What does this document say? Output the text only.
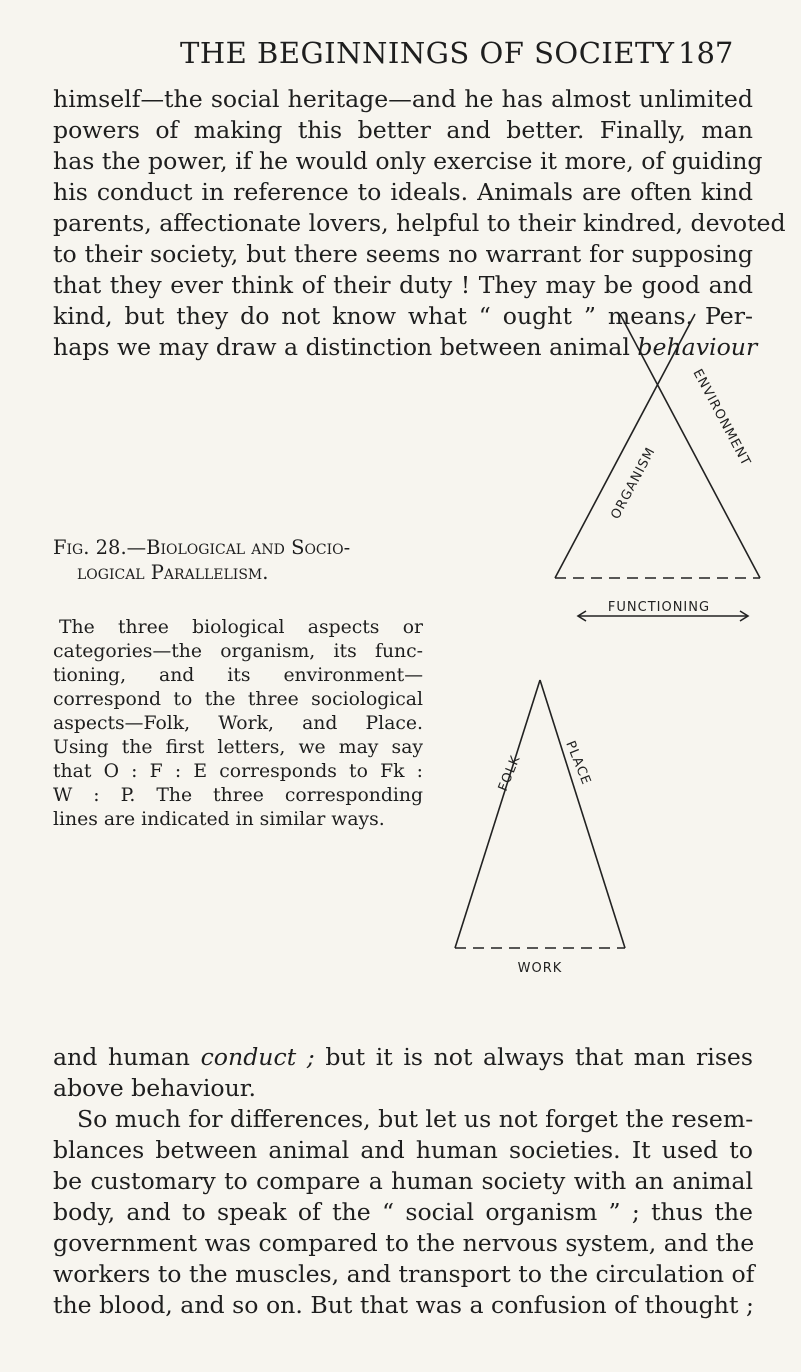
THE BEGINNINGS OF SOCIETY 187

himself—the social heritage—and he has almost unlimited
powers of making this better and better. Finally, man
has the power, if he would only exercise it more, of guiding
his conduct in reference to ideals. Animals are often kind
parents, affectionate lovers, helpful to their kindred, devoted
to their society, but there seems no warrant for supposing
that they ever think of their duty ! They may be good and
kind, but they do not know what “ ought ” means. Per-
haps we may draw a distinction between animal behaviour

Fig. 28.—Biological and Socio-
logical Parallelism.
The three biological aspects or
categories—the organism, its func-
tioning, and its environment—
correspond to the three sociological
aspects—Folk, Work, and Place.
Using the first letters, we may say
that O : F : E corresponds to Fk :
W : P. The three corresponding
lines are indicated in similar ways.
ORGANISM
ENVIRONMENT
FUNCTIONING
FOLK	PLACE
WORK

and human conduct ; but it is not always that man rises
above behaviour.
So much for differences, but let us not forget the resem-
blances between animal and human societies. It used to
be customary to compare a human society with an animal
body, and to speak of the “ social organism ” ; thus the
government was compared to the nervous system, and the
workers to the muscles, and transport to the circulation of
the blood, and so on. But that was a confusion of thought ;
